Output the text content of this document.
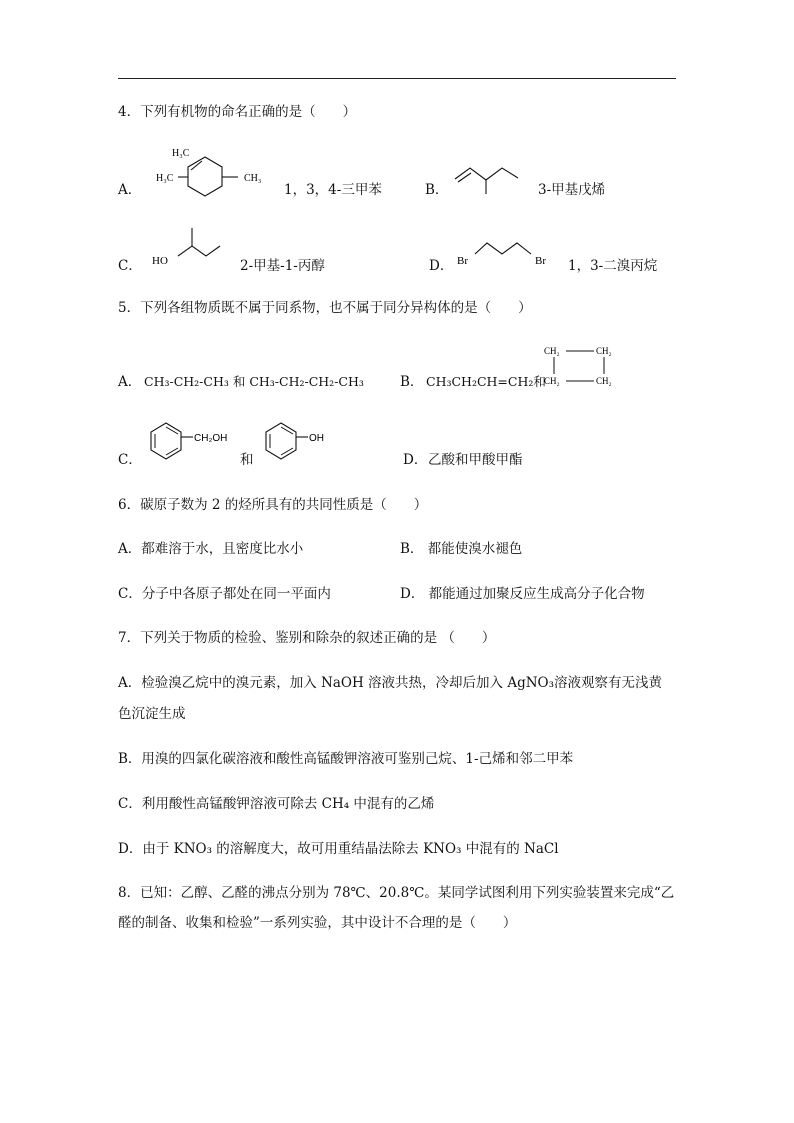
4．下列有机物的命名正确的是（　　）
A．
H₃C
H₃C	CH₃
1，3，4-三甲苯	B．	3-甲基戊烯
C． HO	2-甲基-1-丙醇	D． Br	Br 1，3-二溴丙烷
5．下列各组物质既不属于同系物，也不属于同分异构体的是（　　）
A． CH₃-CH₂-CH₃ 和 CH₃-CH₂-CH₂-CH₃	B． CH₃CH₂CH=CH₂和
CH₂	CH₂
CH₂	CH₂
C．
CH₂OH
和
OH
D． 乙酸和甲酸甲酯
6．碳原子数为 2 的烃所具有的共同性质是（　　）
A．都难溶于水，且密度比水小	B． 都能使溴水褪色
C．分子中各原子都处在同一平面内	D． 都能通过加聚反应生成高分子化合物
7．下列关于物质的检验、鉴别和除杂的叙述正确的是 （　　）
A．检验溴乙烷中的溴元素，加入 NaOH 溶液共热，冷却后加入 AgNO₃溶液观察有无浅黄
色沉淀生成
B．用溴的四氯化碳溶液和酸性高锰酸钾溶液可鉴别己烷、1-己烯和邻二甲苯
C．利用酸性高锰酸钾溶液可除去 CH₄ 中混有的乙烯
D．由于 KNO₃ 的溶解度大，故可用重结晶法除去 KNO₃ 中混有的 NaCl
8．已知：乙醇、乙醛的沸点分别为 78℃、20.8℃。某同学试图利用下列实验装置来完成“乙
醛的制备、收集和检验”一系列实验，其中设计不合理的是（　　）
